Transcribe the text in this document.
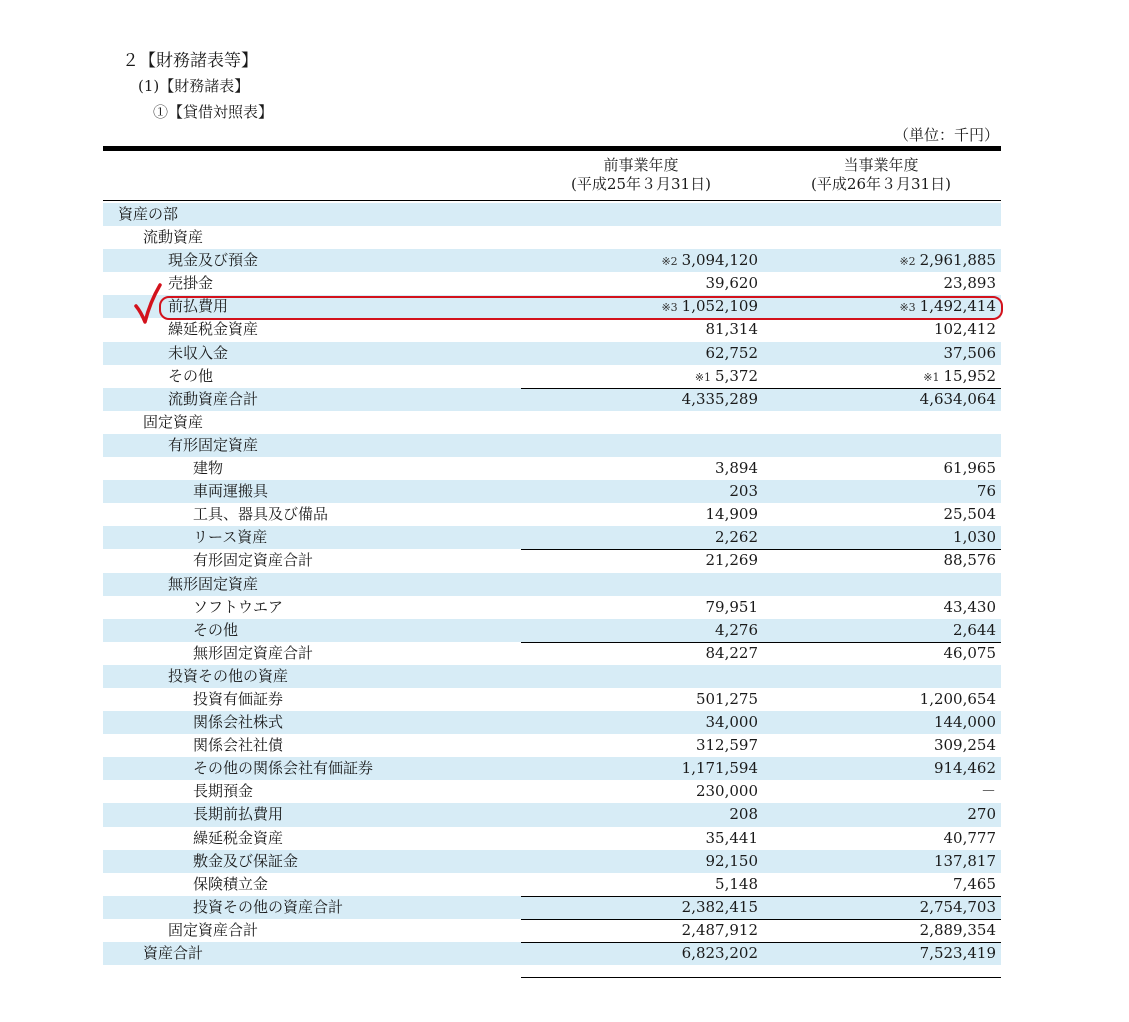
２【財務諸表等】
(1)【財務諸表】
①【貸借対照表】
（単位：千円）
前事業年度
(平成25年３月31日)
当事業年度
(平成26年３月31日)
資産の部
流動資産
現金及び預金	※2 3,094,120	※2 2,961,885
売掛金	39,620	23,893
前払費用	※3 1,052,109	※3 1,492,414
繰延税金資産	81,314	102,412
未収入金	62,752	37,506
その他	※1 5,372	※1 15,952
流動資産合計	4,335,289	4,634,064
固定資産
有形固定資産
建物	3,894	61,965
車両運搬具	203	76
工具、器具及び備品	14,909	25,504
リース資産	2,262	1,030
有形固定資産合計	21,269	88,576
無形固定資産
ソフトウエア	79,951	43,430
その他	4,276	2,644
無形固定資産合計	84,227	46,075
投資その他の資産
投資有価証券	501,275	1,200,654
関係会社株式	34,000	144,000
関係会社社債	312,597	309,254
その他の関係会社有価証券	1,171,594	914,462
長期預金	230,000	－
長期前払費用	208	270
繰延税金資産	35,441	40,777
敷金及び保証金	92,150	137,817
保険積立金	5,148	7,465
投資その他の資産合計	2,382,415	2,754,703
固定資産合計	2,487,912	2,889,354
資産合計	6,823,202	7,523,419
